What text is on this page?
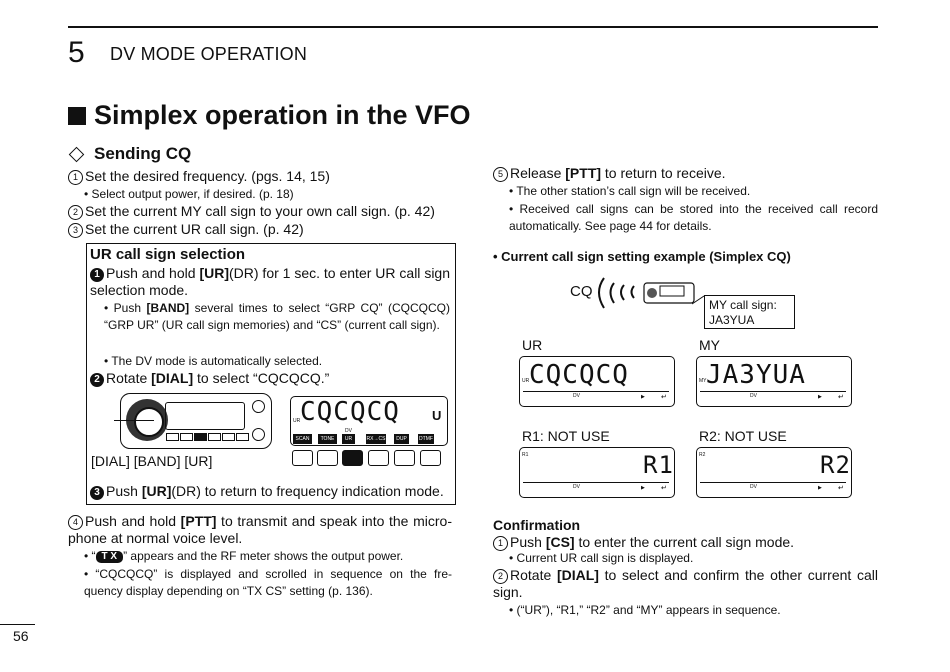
5 DV MODE OPERATION
Simplex operation in the VFO
Sending CQ
1 Set the desired frequency. (pgs. 14, 15)
• Select output power, if desired. (p. 18)
2 Set the current MY call sign to your own call sign. (p. 42)
3 Set the current UR call sign. (p. 42)
UR call sign selection
1 Push and hold [UR](DR) for 1 sec. to enter UR call sign selection mode.
• Push [BAND] several times to select “GRP CQ” (CQCQCQ) “GRP UR” (UR call sign memories) and “CS” (current call sign).
• The DV mode is automatically selected.
2 Rotate [DIAL] to select “CQCQCQ.”
[DIAL] [BAND] [UR]
CQCQCQ U
UR
DV
SCAN	TONE	UR	RX→CS	DUP	DTMF
3 Push [UR](DR) to return to frequency indication mode.
4 Push and hold [PTT] to transmit and speak into the micro- phone at normal voice level.
• “ T X ” appears and the RF meter shows the output power.
• “CQCQCQ” is displayed and scrolled in sequence on the fre- quency display depending on “TX CS” setting (p. 136).
5 Release [PTT] to return to receive.
• The other station’s call sign will be received.
• Received call signs can be stored into the received call record automatically. See page 44 for details.
• Current call sign setting example (Simplex CQ)
CQ
MY call sign:
JA3YUA
UR
CQCQCQ
UR
DV	▶ ↵
MY
JA3YUA
MY
DV	▶ ↵
R1: NOT USE
R1
R1
DV	▶ ↵
R2: NOT USE
R2
R2
DV	▶ ↵
Confirmation
1 Push [CS] to enter the current call sign mode.
• Current UR call sign is displayed.
2 Rotate [DIAL] to select and confirm the other current call sign.
• (“UR”), “R1,” “R2” and “MY” appears in sequence.
56
